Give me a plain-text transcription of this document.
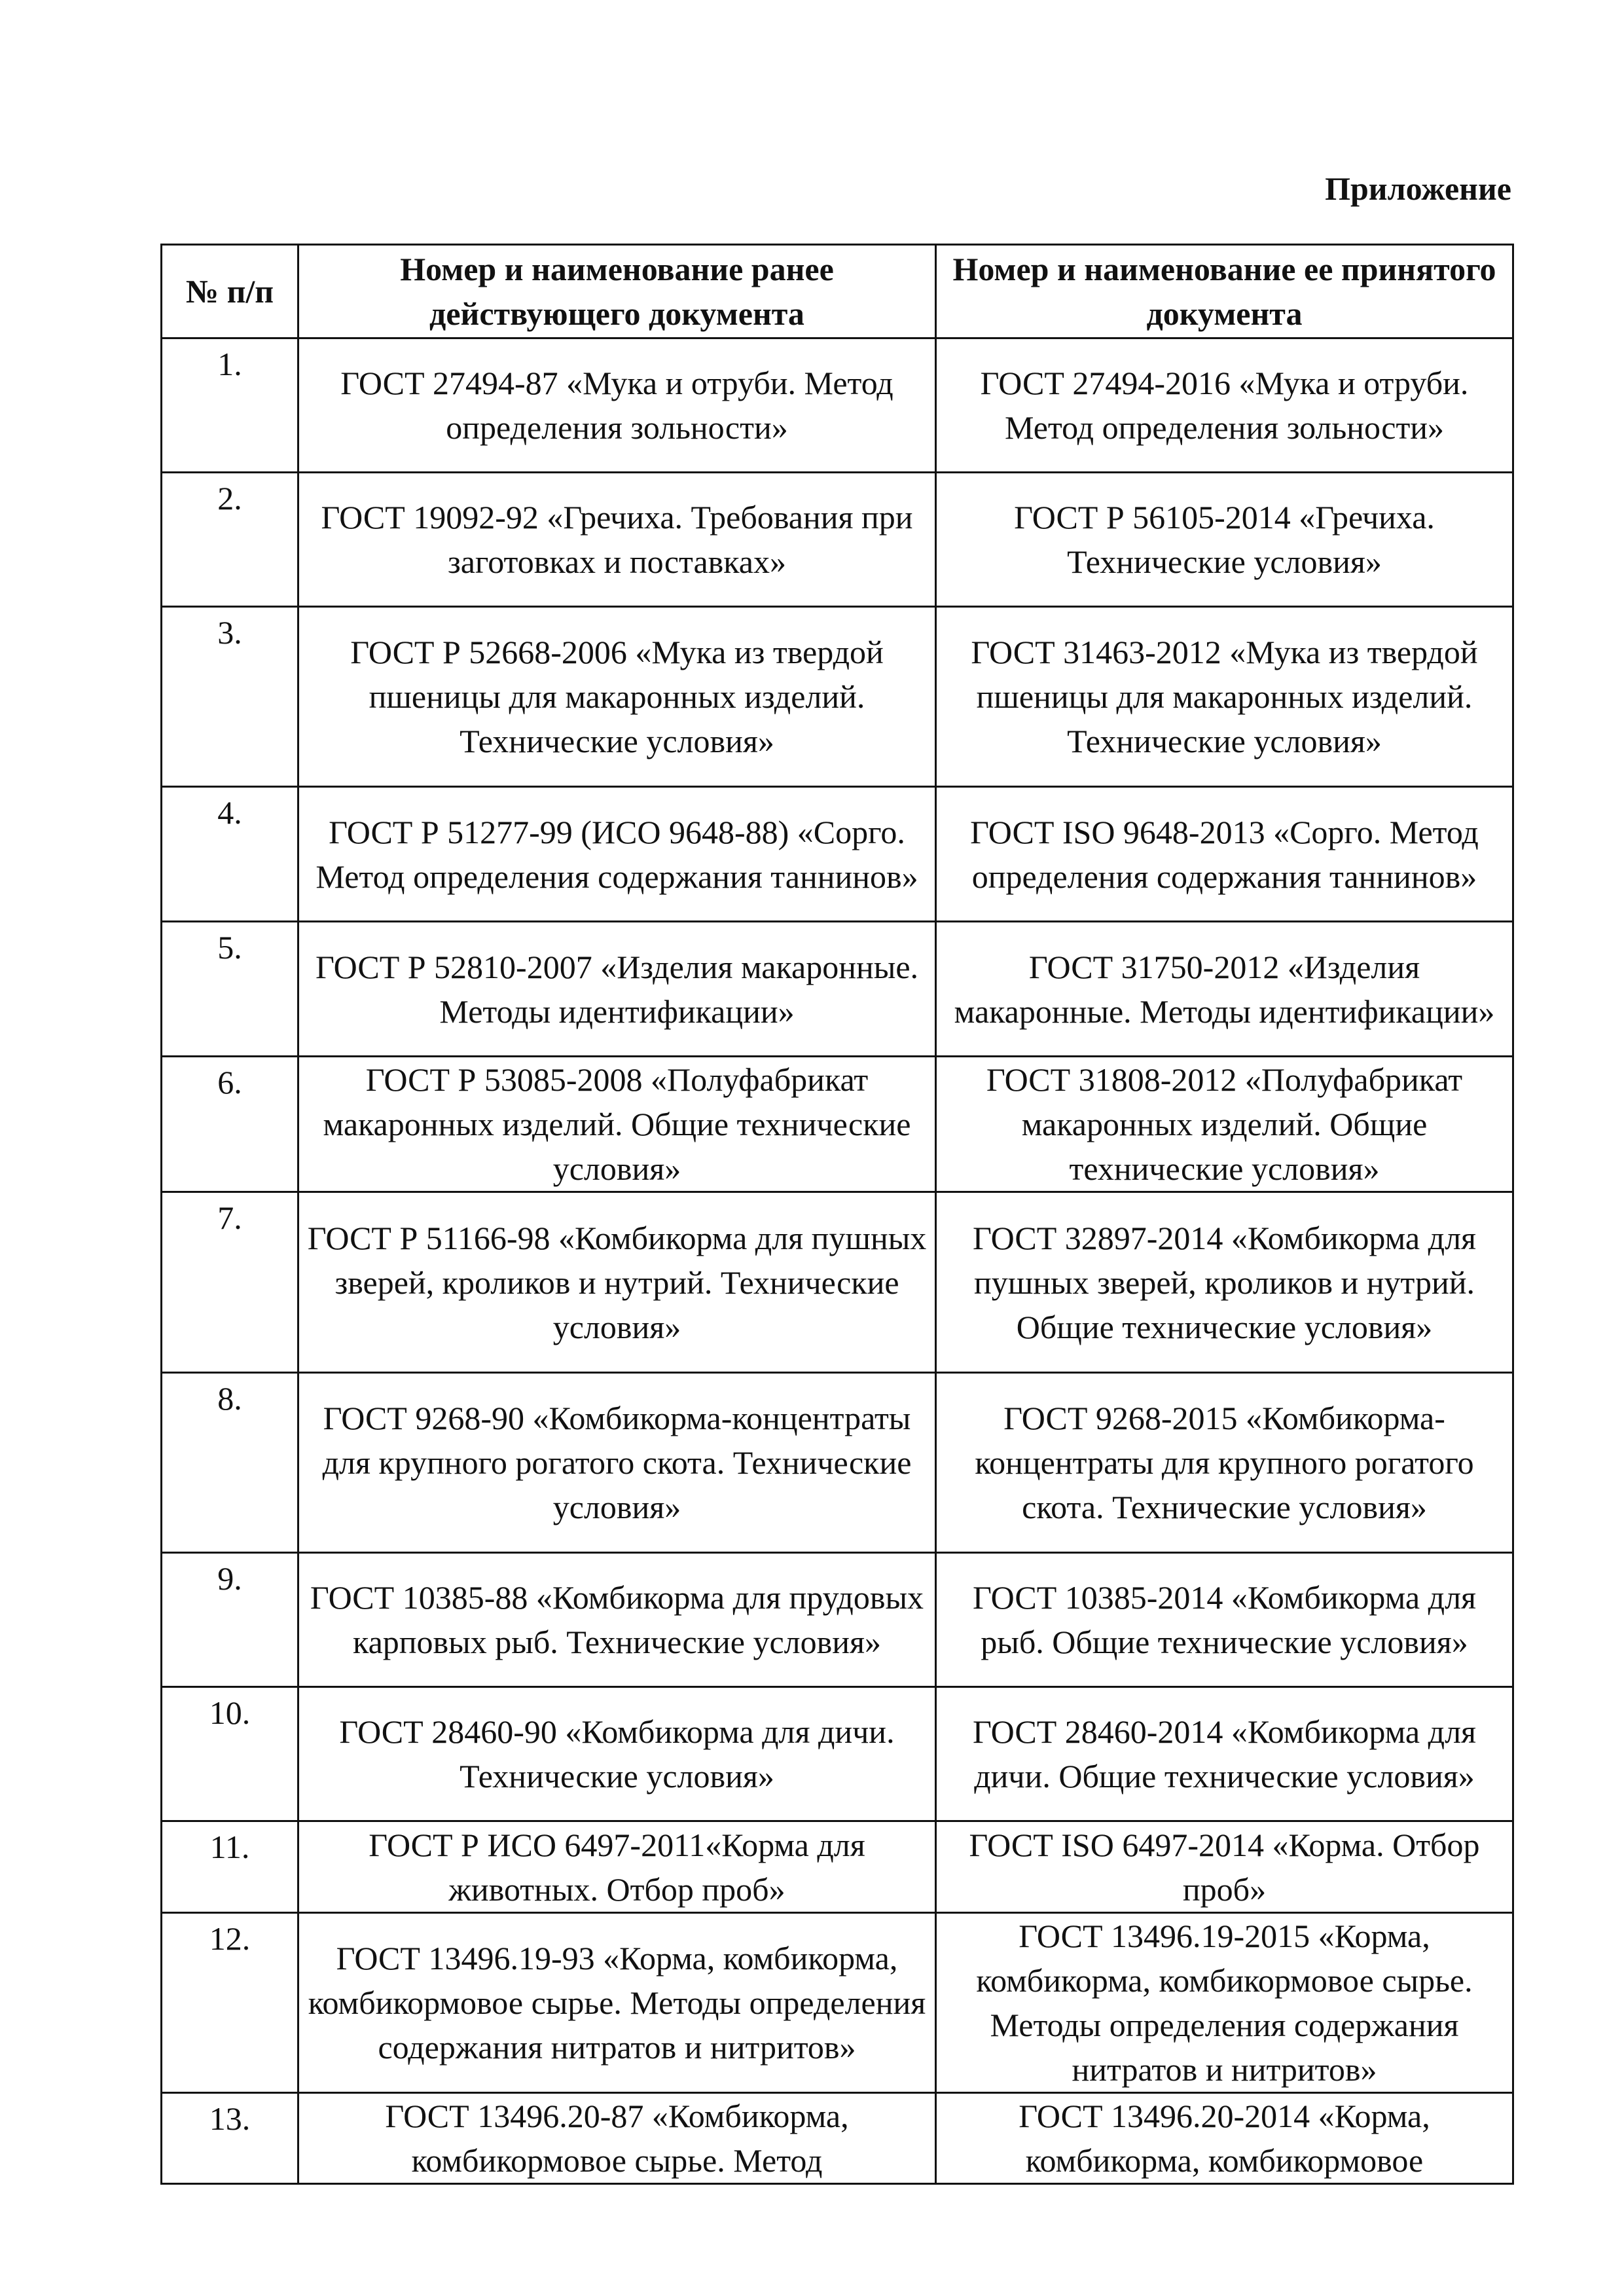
Приложение
№ п/п	Номер и наименование ранее действующего документа	Номер и наименование ее принятого документа
1.	ГОСТ 27494-87 «Мука и отруби. Метод определения зольности»	ГОСТ 27494-2016 «Мука и отруби. Метод определения зольности»
2.	ГОСТ 19092-92 «Гречиха. Требования при заготовках и поставках»	ГОСТ Р 56105-2014 «Гречиха. Технические условия»
3.	ГОСТ Р 52668-2006 «Мука из твердой пшеницы для макаронных изделий. Технические условия»	ГОСТ 31463-2012 «Мука из твердой пшеницы для макаронных изделий. Технические условия»
4.	ГОСТ Р 51277-99 (ИСО 9648-88) «Сорго. Метод определения содержания таннинов»	ГОСТ ISO 9648-2013 «Сорго. Метод определения содержания таннинов»
5.	ГОСТ Р 52810-2007 «Изделия макаронные. Методы идентификации»	ГОСТ 31750-2012 «Изделия макаронные. Методы идентификации»
6.	ГОСТ Р 53085-2008 «Полуфабрикат макаронных изделий. Общие технические условия»	ГОСТ 31808-2012 «Полуфабрикат макаронных изделий. Общие технические условия»
7.	ГОСТ Р 51166-98 «Комбикорма для пушных зверей, кроликов и нутрий. Технические условия»	ГОСТ 32897-2014 «Комбикорма для пушных зверей, кроликов и нутрий. Общие технические условия»
8.	ГОСТ 9268-90 «Комбикорма-концентраты для крупного рогатого скота. Технические условия»	ГОСТ 9268-2015 «Комбикорма-концентраты для крупного рогатого скота. Технические условия»
9.	ГОСТ 10385-88 «Комбикорма для прудовых карповых рыб. Технические условия»	ГОСТ 10385-2014 «Комбикорма для рыб. Общие технические условия»
10.	ГОСТ 28460-90 «Комбикорма для дичи. Технические условия»	ГОСТ 28460-2014 «Комбикорма для дичи. Общие технические условия»
11.	ГОСТ Р ИСО 6497-2011«Корма для животных. Отбор проб»	ГОСТ ISO 6497-2014 «Корма. Отбор проб»
12.	ГОСТ 13496.19-93 «Корма, комбикорма, комбикормовое сырье. Методы определения содержания нитратов и нитритов»	ГОСТ 13496.19-2015 «Корма, комбикорма, комбикормовое сырье. Методы определения содержания нитратов и нитритов»
13.	ГОСТ 13496.20-87 «Комбикорма, комбикормовое сырье. Метод	ГОСТ 13496.20-2014 «Корма, комбикорма, комбикормовое
